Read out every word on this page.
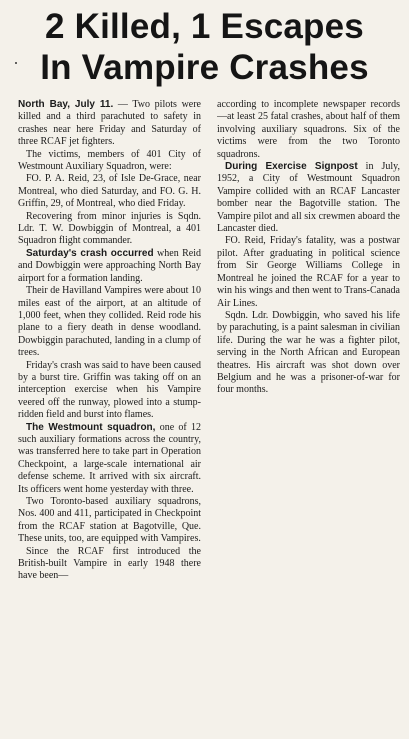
2 Killed, 1 Escapes
In Vampire Crashes

North Bay, July 11. — Two pilots were killed and a third parachuted to safety in crashes near here Friday and Saturday of three RCAF jet fighters.

The victims, members of 401 City of Westmount Auxiliary Squadron, were:

FO. P. A. Reid, 23, of Isle De-Grace, near Montreal, who died Saturday, and FO. G. H. Griffin, 29, of Montreal, who died Friday.

Recovering from minor injuries is Sqdn. Ldr. T. W. Dowbiggin of Montreal, a 401 Squadron flight commander.

Saturday's crash occurred when Reid and Dowbiggin were approaching North Bay airport for a formation landing.

Their de Havilland Vampires were about 10 miles east of the airport, at an altitude of 1,000 feet, when they collided. Reid rode his plane to a fiery death in dense woodland. Dowbiggin parachuted, landing in a clump of trees.

Friday's crash was said to have been caused by a burst tire. Griffin was taking off on an interception exercise when his Vampire veered off the runway, plowed into a stump-ridden field and burst into flames.

The Westmount squadron, one of 12 such auxiliary formations across the country, was transferred here to take part in Operation Checkpoint, a large-scale international air defense scheme. It arrived with six aircraft. Its officers went home yesterday with three.

Two Toronto-based auxiliary squadrons, Nos. 400 and 411, participated in Checkpoint from the RCAF station at Bagotville, Que. These units, too, are equipped with Vampires.

Since the RCAF first introduced the British-built Vampire in early 1948 there have been—

according to incomplete newspaper records—at least 25 fatal crashes, about half of them involving auxiliary squadrons. Six of the victims were from the two Toronto squadrons.

During Exercise Signpost in July, 1952, a City of Westmount Squadron Vampire collided with an RCAF Lancaster bomber near the Bagotville station. The Vampire pilot and all six crewmen aboard the Lancaster died.

FO. Reid, Friday's fatality, was a postwar pilot. After graduating in political science from Sir George Williams College in Montreal he joined the RCAF for a year to win his wings and then went to Trans-Canada Air Lines.

Sqdn. Ldr. Dowbiggin, who saved his life by parachuting, is a paint salesman in civilian life. During the war he was a fighter pilot, serving in the North African and European theatres. His aircraft was shot down over Belgium and he was a prisoner-of-war for four months.
